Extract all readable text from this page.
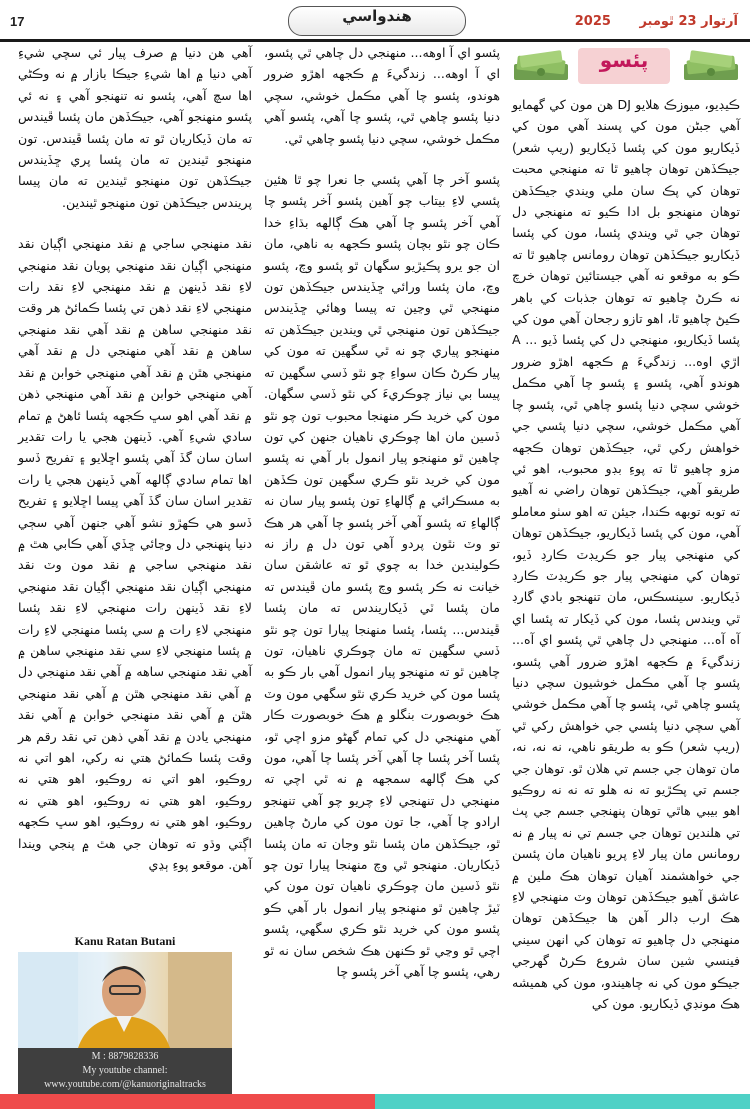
17	هندواسي	آرتوار 23 ٿومبر 2025
پئسو

ڪيڊيو، ميوزڪ هلايو DJ هن مون کي گهمايو آهي جبڻن مون کي پسند آهي مون کي ڏيکاريو مون کي پئسا ڏيکاريو (ريپ شعر) جيڪڏهن توهان چاهيو ٿا ته منهنجي محبت توهان کي پڪ سان ملي ويندي جيڪڏهن توهان منهنجو بل ادا ڪيو ته منهنجي دل توهان جي ٿي ويندي پئسا، مون کي پئسا ڏيکاريو جيڪڏهن توهان رومانس چاهيو ٿا ته ڪو به موقعو نه آهي جيستائين توهان خرچ نه ڪرڻ چاهيو ته توهان جذبات کي باهر ڪيڻ چاهيو ٿا، اهو تازو رجحان آهي مون کي پئسا ڏيکاريو، منهنجي دل کي پئسا ڏيو ... A اڙي اوه... زندگيءَ ۾ ڪجهه اهڙو ضرور هوندو آهي، پئسو ۽ پئسو چا آهي مڪمل خوشي سچي دنيا پئسو چاهي ٿي، پئسو چا آهي مڪمل خوشي، سچي دنيا پئسي جي خواهش رکي ٿي، جيڪڏهن توهان ڪجهه مزو چاهيو ٿا ته پوءِ بڊو محبوب، اهو ئي طريقو آهي، جيڪڏهن توهان راضي نه آهيو ته توبه توبهه ڪندا، جيئن ته اهو سٺو معاملو آهي، مون کي پئسا ڏيکاريو، جيڪڏهن توهان کي منهنجي پيار جو ڪريڊٽ ڪارڊ ڏيو، توهان کي منهنجي پيار جو ڪريڊٽ ڪارڊ ڏيکاريو. سينسڪس، مان تنهنجو بادي گارڊ ٿي ويندس پئسا، مون کي ڏيکار ته پئسا اي آه آه... منهنجي دل چاهي ٿي پئسو اي آه... زندگيءَ ۾ ڪجهه اهڙو ضرور آهي پئسو، پئسو چا آهي مڪمل خوشيون سچي دنيا پئسو چاهي ٿي، پئسو چا آهي مڪمل خوشي آهي سچي دنيا پئسي جي خواهش رکي ٿي (ريپ شعر) ڪو به طريقو ناهي، نه نه، نه، مان توهان جي جسم تي هلان ٿو. توهان جي جسم تي پڪڙيو ته نه هلو ته نه نه روڪيو اهو بيبي هاٿي توهان پنهنجي جسم جي پٺ تي هلندين توهان جي جسم تي نه پيار ۾ نه رومانس مان پيار لاءِ پريو ناهيان مان پئسن جي خواهشمند آهيان توهان هڪ ملين ۾ عاشق آهيو جيڪڏهن توهان وٽ منهنجي لاءِ هڪ ارب ڊالر آهن ها جيڪڏهن توهان منهنجي دل چاهيو ته توهان کي انهن سيني فينسي شين سان شروع ڪرڻ گهرجي جيڪو مون کي نه چاهيندو، مون کي هميشه هڪ مونڊي ڏيکاريو. مون کي

پئسو اي آ اوهه... منهنجي دل چاهي ٿي پئسو، اي آ اوهه... زندگيءَ ۾ ڪجهه اهڙو ضرور هوندو، پئسو چا آهي مڪمل خوشي، سچي دنيا پئسو چاهي ٿي، پئسو چا آهي، پئسو آهي مڪمل خوشي، سچي دنيا پئسو چاهي ٿي.

پئسو آخر چا آهي پئسي جا نعرا چو ٿا هئين پئسي لاءِ بيتاب چو آهين پئسو آخر پئسو چا آهي آخر پئسو چا آهي هڪ ڳالهه بڌاءِ خدا ڪان چو نٿو بچان پئسو ڪجهه به ناهي، مان ان جو يرو پڪيڙيو سگهان ٿو پئسو وچ، پئسو وچ، مان پئسا ورائي ڇڏيندس جيڪڏهن تون منهنجي ٿي وڃين ته پيسا وهائي ڇڏيندس جيڪڏهن تون منهنجي ٿي ويندين جيڪڏهن ته منهنجو پياري چو نه ٿي سگهين ته مون کي پيار ڪرڻ ڪان سواءِ چو نٿو ڏسي سگهين ته پيسا بي نياز چوڪريءَ کي نٿو ڏسي سگهان. مون کي خريد ڪر منهنجا محبوب تون چو نٿو ڏسين مان اها چوڪري ناهيان جنهن کي تون چاهين ٿو منهنجو پيار انمول بار آهي نه پئسو مون کي خريد نٿو ڪري سگهين تون ڪڏهن به مسڪرائي ۾ ڳالهاءِ تون پئسو پيار سان نه ڳالهاءِ ته پئسو آهي آخر پئسو چا آهي هر هڪ تو وٽ نٿون پردو آهي تون دل ۾ راز نه ڪوليندين خدا به چوي ٿو ته عاشقن سان خيانت نه ڪر پئسو وچ پئسو مان ڦيندس ته مان پئسا ٽي ڏيکاريندس ته مان پئسا ڦيندس... پئسا، پئسا منهنجا پيارا تون چو نٿو ڏسي سگهين ته مان چوڪري ناهيان، تون چاهين ٿو ته منهنجو پيار انمول آهي بار ڪو به پئسا مون کي خريد ڪري نٿو سگهي مون وٽ هڪ خوبصورت بنگلو ۾ هڪ خوبصورت ڪار آهي منهنجي دل کي تمام گهڻو مزو اچي ٿو، پئسا آخر پئسا چا آهي آخر پئسا چا آهي، مون کي هڪ ڳالهه سمجهه ۾ نه ٿي اچي ته منهنجي دل تنهنجي لاءِ چريو چو آهي تنهنجو ارادو چا آهي، جا تون مون کي مارڻ چاهين ٿو، جيڪڏهن مان پئسا نٿو وجان ته مان پئسا ڏيکاريان. منهنجو ٿي وچ منهنجا پيارا تون چو نٿو ڏسين مان چوڪري ناهيان تون مون کي ٽيڙ چاهين ٿو منهنجو پيار انمول بار آهي ڪو پئسو مون کي خريد نٿو ڪري سگهي، پئسو اچي ٿو وڃي ٿو ڪنهن هڪ شخص سان نه ٿو رهي، پئسو چا آهي آخر پئسو چا

آهي هن دنيا ۾ صرف پيار ئي سچي شيءِ آهي دنيا ۾ اها شيءِ جيڪا بازار ۾ نه وڪڻي اها سچ آهي، پئسو نه تنهنجو آهي ۽ نه ئي پئسو منهنجو آهي، جيڪڏهن مان پئسا ڦيندس ته مان ڏيکاريان ٿو ته مان پئسا ڦيندس. تون منهنجو ٿيندين ته مان پئسا پري ڇڏيندس جيڪڏهن تون منهنجو ٿيندين ته مان پيسا پريندس جيڪڏهن تون منهنجو ٿيندين.

نقد منهنجي ساجي ۾ نقد منهنجي اڳيان نقد منهنجي اڳيان نقد منهنجي پويان نقد منهنجي لاءِ نقد ڏينهن ۾ نقد منهنجي لاءِ نقد رات منهنجي لاءِ نقد ذهن تي پئسا ڪمائڻ هر وقت نقد منهنجي ساهن ۾ نقد آهي نقد منهنجي ساهن ۾ نقد آهي منهنجي دل ۾ نقد آهي منهنجي هٿن ۾ نقد آهي منهنجي خوابن ۾ نقد آهي منهنجي خوابن ۾ نقد آهي منهنجي ذهن ۾ نقد آهي اهو سڀ ڪجهه پئسا ئاهڻ ۾ تمام سادي شيءِ آهي. ڏينهن هجي يا رات تقدير اسان سان گڏ آهي پئسو اڇلايو ۽ تفريح ڏسو اها تمام سادي ڳالهه آهي ڏينهن هجي يا رات تقدير اسان سان گڏ آهي پيسا اڇلايو ۽ تفريح ڏسو هي ڪهڙو نشو آهي جنهن آهي سڄي دنيا پنهنجي دل وڃائي ڇڏي آهي ڪابي هٿ ۾ نقد منهنجي ساجي ۾ نقد مون وٽ نقد منهنجي اڳيان نقد منهنجي اڳيان نقد منهنجي لاءِ نقد ڏينهن رات منهنجي لاءِ نقد پئسا منهنجي لاءِ رات ۾ سي پئسا منهنجي لاءِ رات ۾ پئسا منهنجي لاءِ سي نقد منهنجي ساهن ۾ آهي نقد منهنجي ساهه ۾ آهي نقد منهنجي دل ۾ آهي نقد منهنجي هٿن ۾ آهي نقد منهنجي هٿن ۾ آهي نقد منهنجي خوابن ۾ آهي نقد منهنجي يادن ۾ نقد آهي ذهن تي نقد رقم هر وقت پئسا ڪمائڻ هتي نه رکي، اهو اتي نه روڪيو، اهو اتي نه روڪيو، اهو هتي نه روڪيو، اهو هتي نه روڪيو، اهو هتي نه روڪيو، اهو هتي نه روڪيو، اهو سڀ ڪجهه اڳتي وڌو ته توهان جي هٿ ۾ پنجي ويندا آهن. موقعو پوءِ ٻڍي

Kanu Ratan Butani
M : 8879828336
My youtube channel:
www.youtube.com/@kanuoriginaltracks
